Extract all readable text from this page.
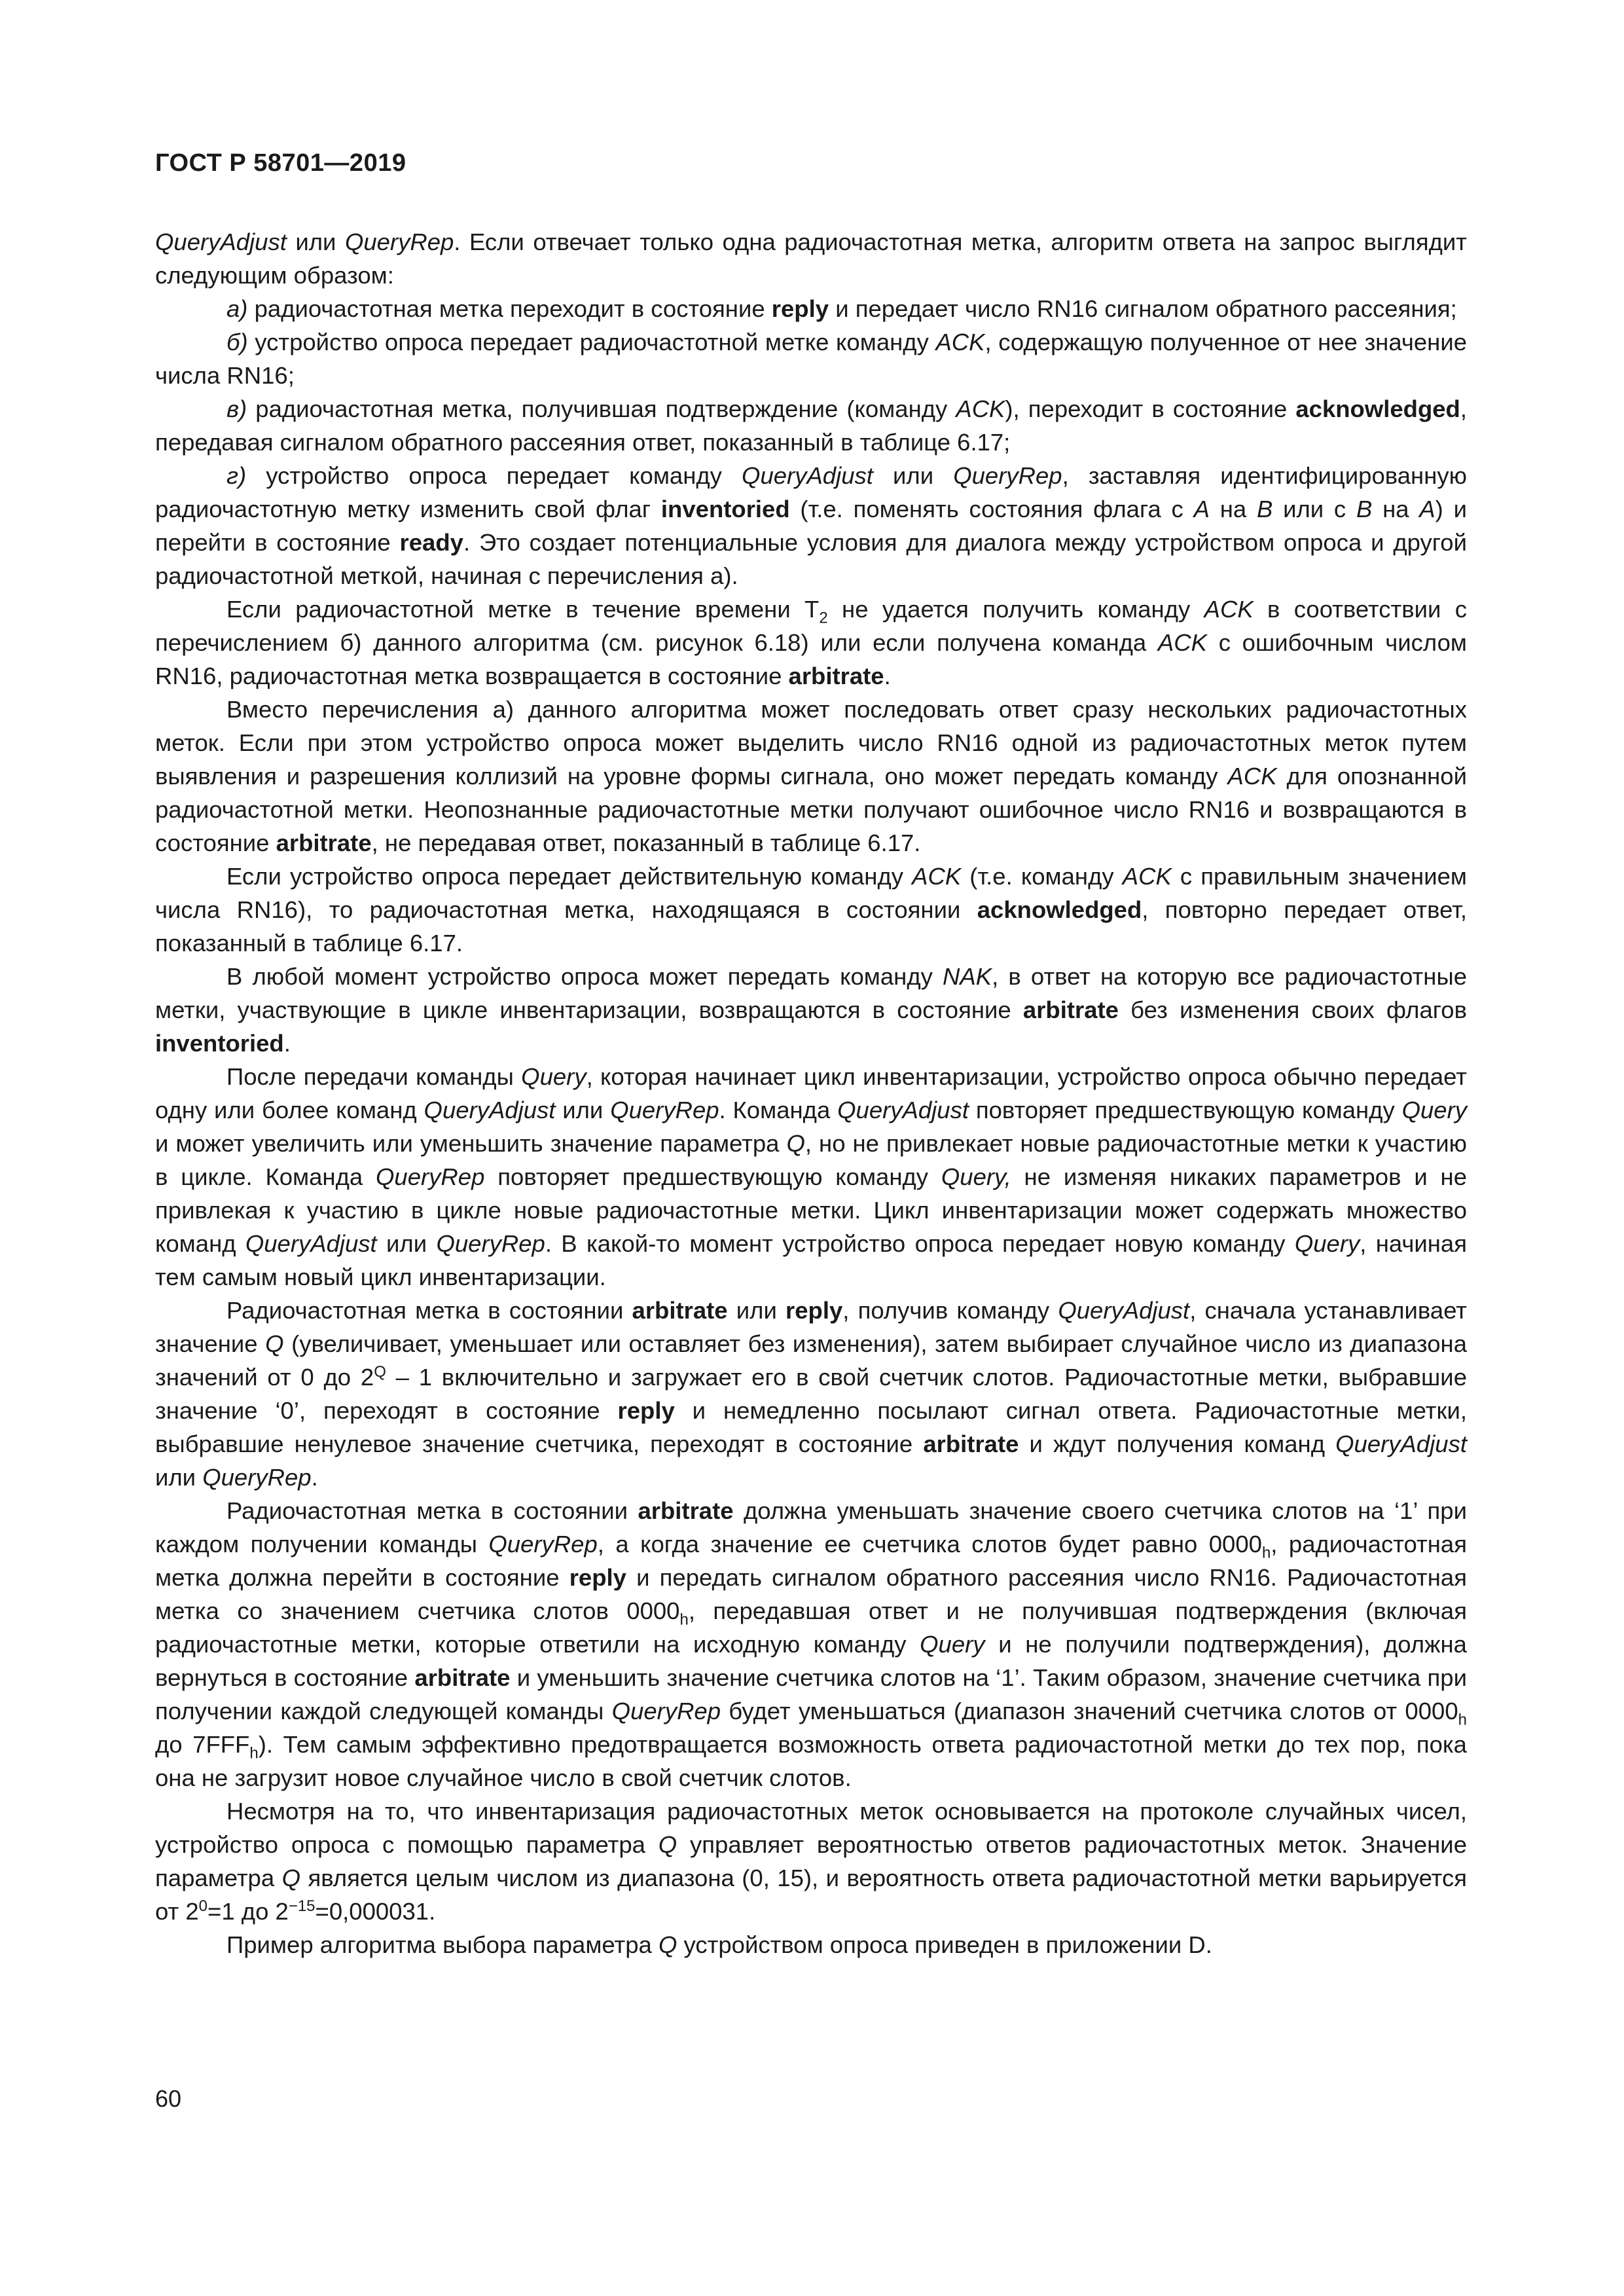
ГОСТ Р 58701—2019

QueryAdjust или QueryRep. Если отвечает только одна радиочастотная метка, алгоритм ответа на запрос выглядит следующим образом:

а) радиочастотная метка переходит в состояние reply и передает число RN16 сигналом обратного рассеяния;

б) устройство опроса передает радиочастотной метке команду ACK, содержащую полученное от нее значение числа RN16;

в) радиочастотная метка, получившая подтверждение (команду ACK), переходит в состояние acknowledged, передавая сигналом обратного рассеяния ответ, показанный в таблице 6.17;

г) устройство опроса передает команду QueryAdjust или QueryRep, заставляя идентифицированную радиочастотную метку изменить свой флаг inventoried (т.е. поменять состояния флага с A на B или с B на A) и перейти в состояние ready. Это создает потенциальные условия для диалога между устройством опроса и другой радиочастотной меткой, начиная с перечисления а).

Если радиочастотной метке в течение времени $Т_2$ не удается получить команду ACK в соответствии с перечислением б) данного алгоритма (см. рисунок 6.18) или если получена команда ACK с ошибочным числом RN16, радиочастотная метка возвращается в состояние arbitrate.

Вместо перечисления а) данного алгоритма может последовать ответ сразу нескольких радиочастотных меток. Если при этом устройство опроса может выделить число RN16 одной из радиочастотных меток путем выявления и разрешения коллизий на уровне формы сигнала, оно может передать команду ACK для опознанной радиочастотной метки. Неопознанные радиочастотные метки получают ошибочное число RN16 и возвращаются в состояние arbitrate, не передавая ответ, показанный в таблице 6.17.

Если устройство опроса передает действительную команду ACK (т.е. команду ACK с правильным значением числа RN16), то радиочастотная метка, находящаяся в состоянии acknowledged, повторно передает ответ, показанный в таблице 6.17.

В любой момент устройство опроса может передать команду NAK, в ответ на которую все радиочастотные метки, участвующие в цикле инвентаризации, возвращаются в состояние arbitrate без изменения своих флагов inventoried.

После передачи команды Query, которая начинает цикл инвентаризации, устройство опроса обычно передает одну или более команд QueryAdjust или QueryRep. Команда QueryAdjust повторяет предшествующую команду Query и может увеличить или уменьшить значение параметра Q, но не привлекает новые радиочастотные метки к участию в цикле. Команда QueryRep повторяет предшествующую команду Query, не изменяя никаких параметров и не привлекая к участию в цикле новые радиочастотные метки. Цикл инвентаризации может содержать множество команд QueryAdjust или QueryRep. В какой-то момент устройство опроса передает новую команду Query, начиная тем самым новый цикл инвентаризации.

Радиочастотная метка в состоянии arbitrate или reply, получив команду QueryAdjust, сначала устанавливает значение Q (увеличивает, уменьшает или оставляет без изменения), затем выбирает случайное число из диапазона значений от 0 до $2^Q - 1$ включительно и загружает его в свой счетчик слотов. Радиочастотные метки, выбравшие значение ‘0’, переходят в состояние reply и немедленно посылают сигнал ответа. Радиочастотные метки, выбравшие ненулевое значение счетчика, переходят в состояние arbitrate и ждут получения команд QueryAdjust или QueryRep.

Радиочастотная метка в состоянии arbitrate должна уменьшать значение своего счетчика слотов на ‘1’ при каждом получении команды QueryRep, а когда значение ее счетчика слотов будет равно $0000_h$, радиочастотная метка должна перейти в состояние reply и передать сигналом обратного рассеяния число RN16. Радиочастотная метка со значением счетчика слотов $0000_h$, передавшая ответ и не получившая подтверждения (включая радиочастотные метки, которые ответили на исходную команду Query и не получили подтверждения), должна вернуться в состояние arbitrate и уменьшить значение счетчика слотов на ‘1’. Таким образом, значение счетчика при получении каждой следующей команды QueryRep будет уменьшаться (диапазон значений счетчика слотов от $0000_h$ до $7FFF_h$). Тем самым эффективно предотвращается возможность ответа радиочастотной метки до тех пор, пока она не загрузит новое случайное число в свой счетчик слотов.

Несмотря на то, что инвентаризация радиочастотных меток основывается на протоколе случайных чисел, устройство опроса с помощью параметра Q управляет вероятностью ответов радиочастотных меток. Значение параметра Q является целым числом из диапазона (0, 15), и вероятность ответа радиочастотной метки варьируется от $2^0=1$ до $2^{-15}=0,000031$.

Пример алгоритма выбора параметра Q устройством опроса приведен в приложении D.

60
